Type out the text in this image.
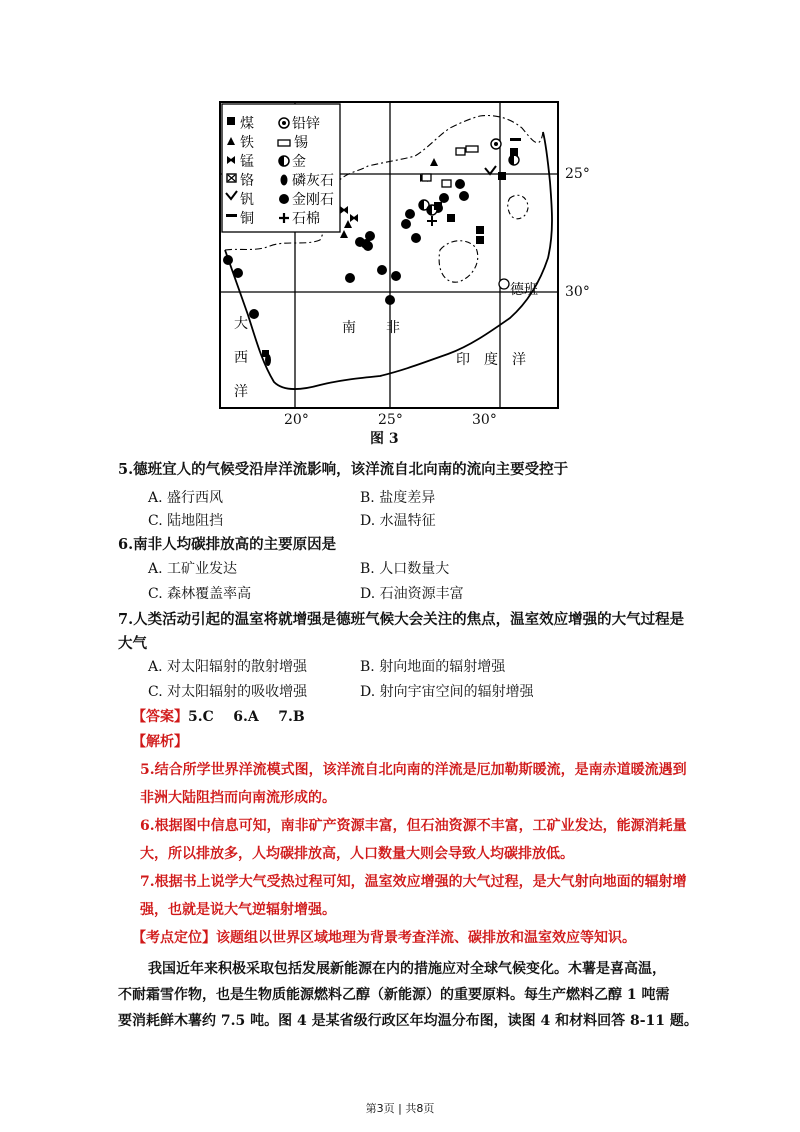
煤
铁
锰
铬
钒
铜
铅锌
锡
金
磷灰石
金刚石
石棉
南 非
大
西
洋
印 度 洋
德班
25°
30°
20°	25°	30°
图 3
5.德班宜人的气候受沿岸洋流影响，该洋流自北向南的流向主要受控于
A. 盛行西风	B. 盐度差异
C. 陆地阻挡	D. 水温特征
6.南非人均碳排放高的主要原因是
A. 工矿业发达	B. 人口数量大
C. 森林覆盖率高	D. 石油资源丰富
7.人类活动引起的温室将就增强是德班气候大会关注的焦点，温室效应增强的大气过程是
大气
A. 对太阳辐射的散射增强	B. 射向地面的辐射增强
C. 对太阳辐射的吸收增强	D. 射向宇宙空间的辐射增强
【答案】5.C    6.A    7.B
【解析】
5.结合所学世界洋流模式图，该洋流自北向南的洋流是厄加勒斯暖流，是南赤道暖流遇到
非洲大陆阻挡而向南流形成的。
6.根据图中信息可知，南非矿产资源丰富，但石油资源不丰富，工矿业发达，能源消耗量
大，所以排放多，人均碳排放高，人口数量大则会导致人均碳排放低。
7.根据书上说学大气受热过程可知，温室效应增强的大气过程，是大气射向地面的辐射增
强，也就是说大气逆辐射增强。
【考点定位】该题组以世界区域地理为背景考查洋流、碳排放和温室效应等知识。
我国近年来积极采取包括发展新能源在内的措施应对全球气候变化。木薯是喜高温，
不耐霜雪作物，也是生物质能源燃料乙醇（新能源）的重要原料。每生产燃料乙醇 1 吨需
要消耗鲜木薯约 7.5 吨。图 4 是某省级行政区年均温分布图，读图 4 和材料回答 8-11 题。
第3页 | 共8页
